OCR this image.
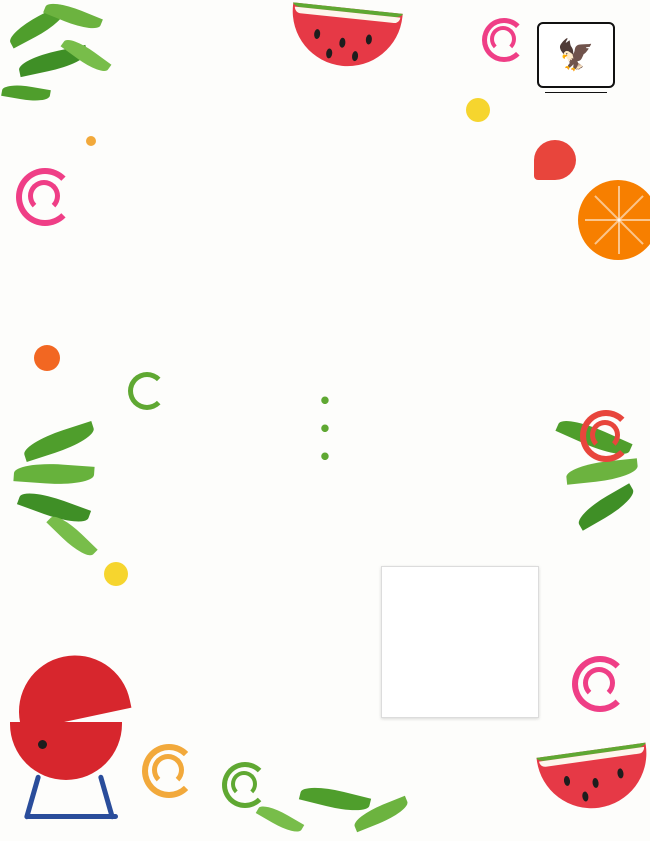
🦅
•
•
•
